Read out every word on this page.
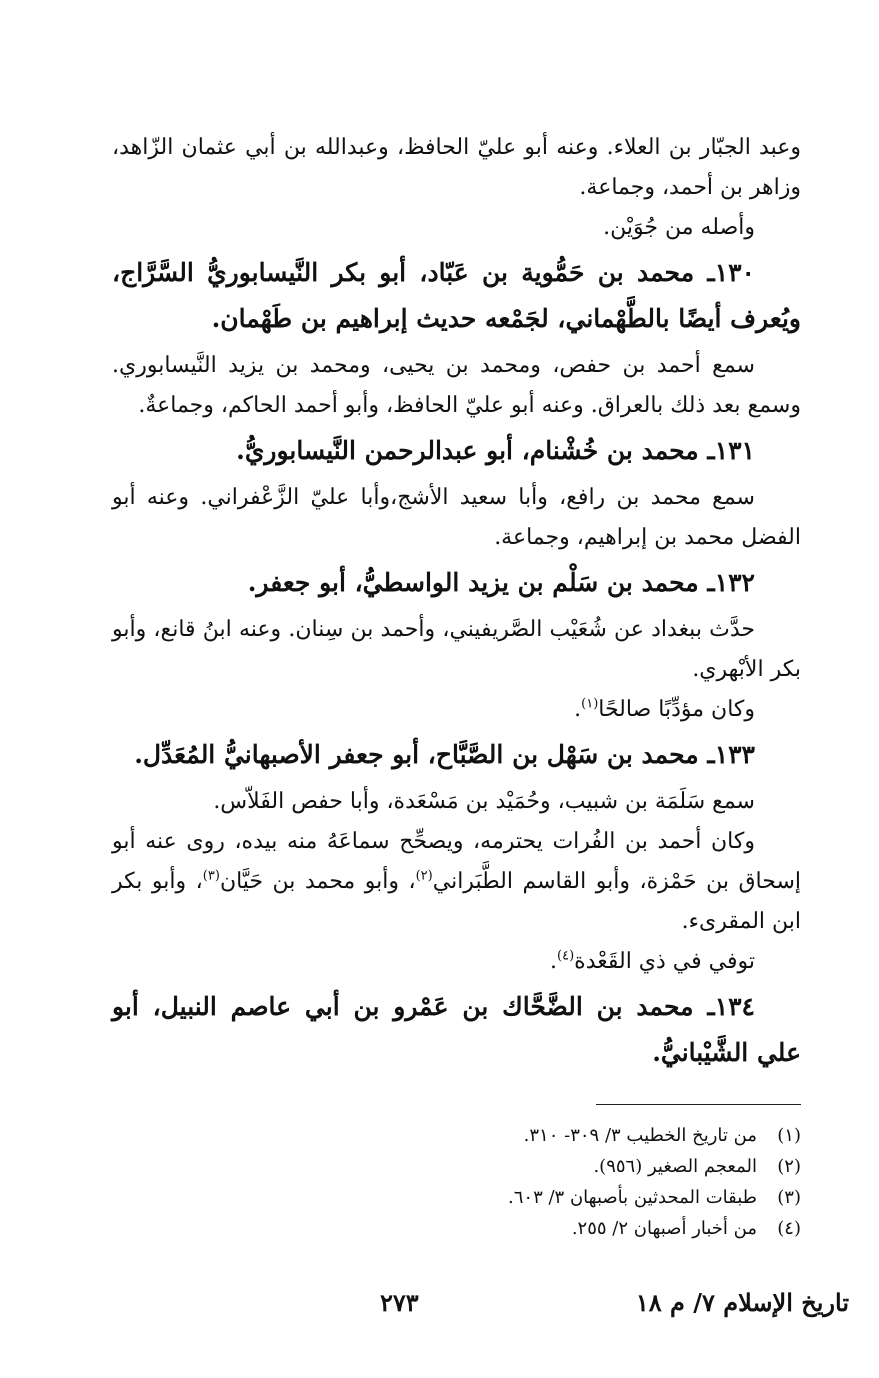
وعبد الجبّار بن العلاء. وعنه أبو عليّ الحافظ، وعبدالله بن أبي عثمان الزّاهد، وزاهر بن أحمد، وجماعة.

وأصله من جُوَيْن.

١٣٠ـ محمد بن حَمُّوية بن عَبّاد، أبو بكر النَّيسابوريُّ السَّرَّاج، ويُعرف أيضًا بالطَّهْماني، لجَمْعه حديث إبراهيم بن طَهْمان.

سمع أحمد بن حفص، ومحمد بن يحيى، ومحمد بن يزيد النَّيسابوري. وسمع بعد ذلك بالعراق. وعنه أبو عليّ الحافظ، وأبو أحمد الحاكم، وجماعةٌ.

١٣١ـ محمد بن خُشْنام، أبو عبدالرحمن النَّيسابوريُّ.

سمع محمد بن رافع، وأبا سعيد الأشج،وأبا عليّ الزَّعْفراني. وعنه أبو الفضل محمد بن إبراهيم، وجماعة.

١٣٢ـ محمد بن سَلْم بن يزيد الواسطيُّ، أبو جعفر.

حدَّث ببغداد عن شُعَيْب الصَّريفيني، وأحمد بن سِنان. وعنه ابنُ قانع، وأبو بكر الأبْهري.

وكان مؤدِّبًا صالحًا$^{(١)}$.

١٣٣ـ محمد بن سَهْل بن الصَّبَّاح، أبو جعفر الأصبهانيُّ المُعَدِّل.

سمع سَلَمَة بن شبيب، وحُمَيْد بن مَسْعَدة، وأبا حفص الفَلاّس.

وكان أحمد بن الفُرات يحترمه، ويصحِّح سماعَهُ منه بيده، روى عنه أبو إسحاق بن حَمْزة، وأبو القاسم الطَّبَراني$^{(٢)}$، وأبو محمد بن حَيَّان$^{(٣)}$، وأبو بكر ابن المقرىء.

توفي في ذي القَعْدة$^{(٤)}$.

١٣٤ـ محمد بن الضَّحَّاك بن عَمْرو بن أبي عاصم النبيل، أبو علي الشَّيْبانيُّ.

(١)
من تاريخ الخطيب ٣/ ٣٠٩- ٣١٠.
(٢)
المعجم الصغير (٩٥٦).
(٣)
طبقات المحدثين بأصبهان ٣/ ٦٠٣.
(٤)
من أخبار أصبهان ٢/ ٢٥٥.
تاريخ الإسلام ٧/ م ١٨
٢٧٣
